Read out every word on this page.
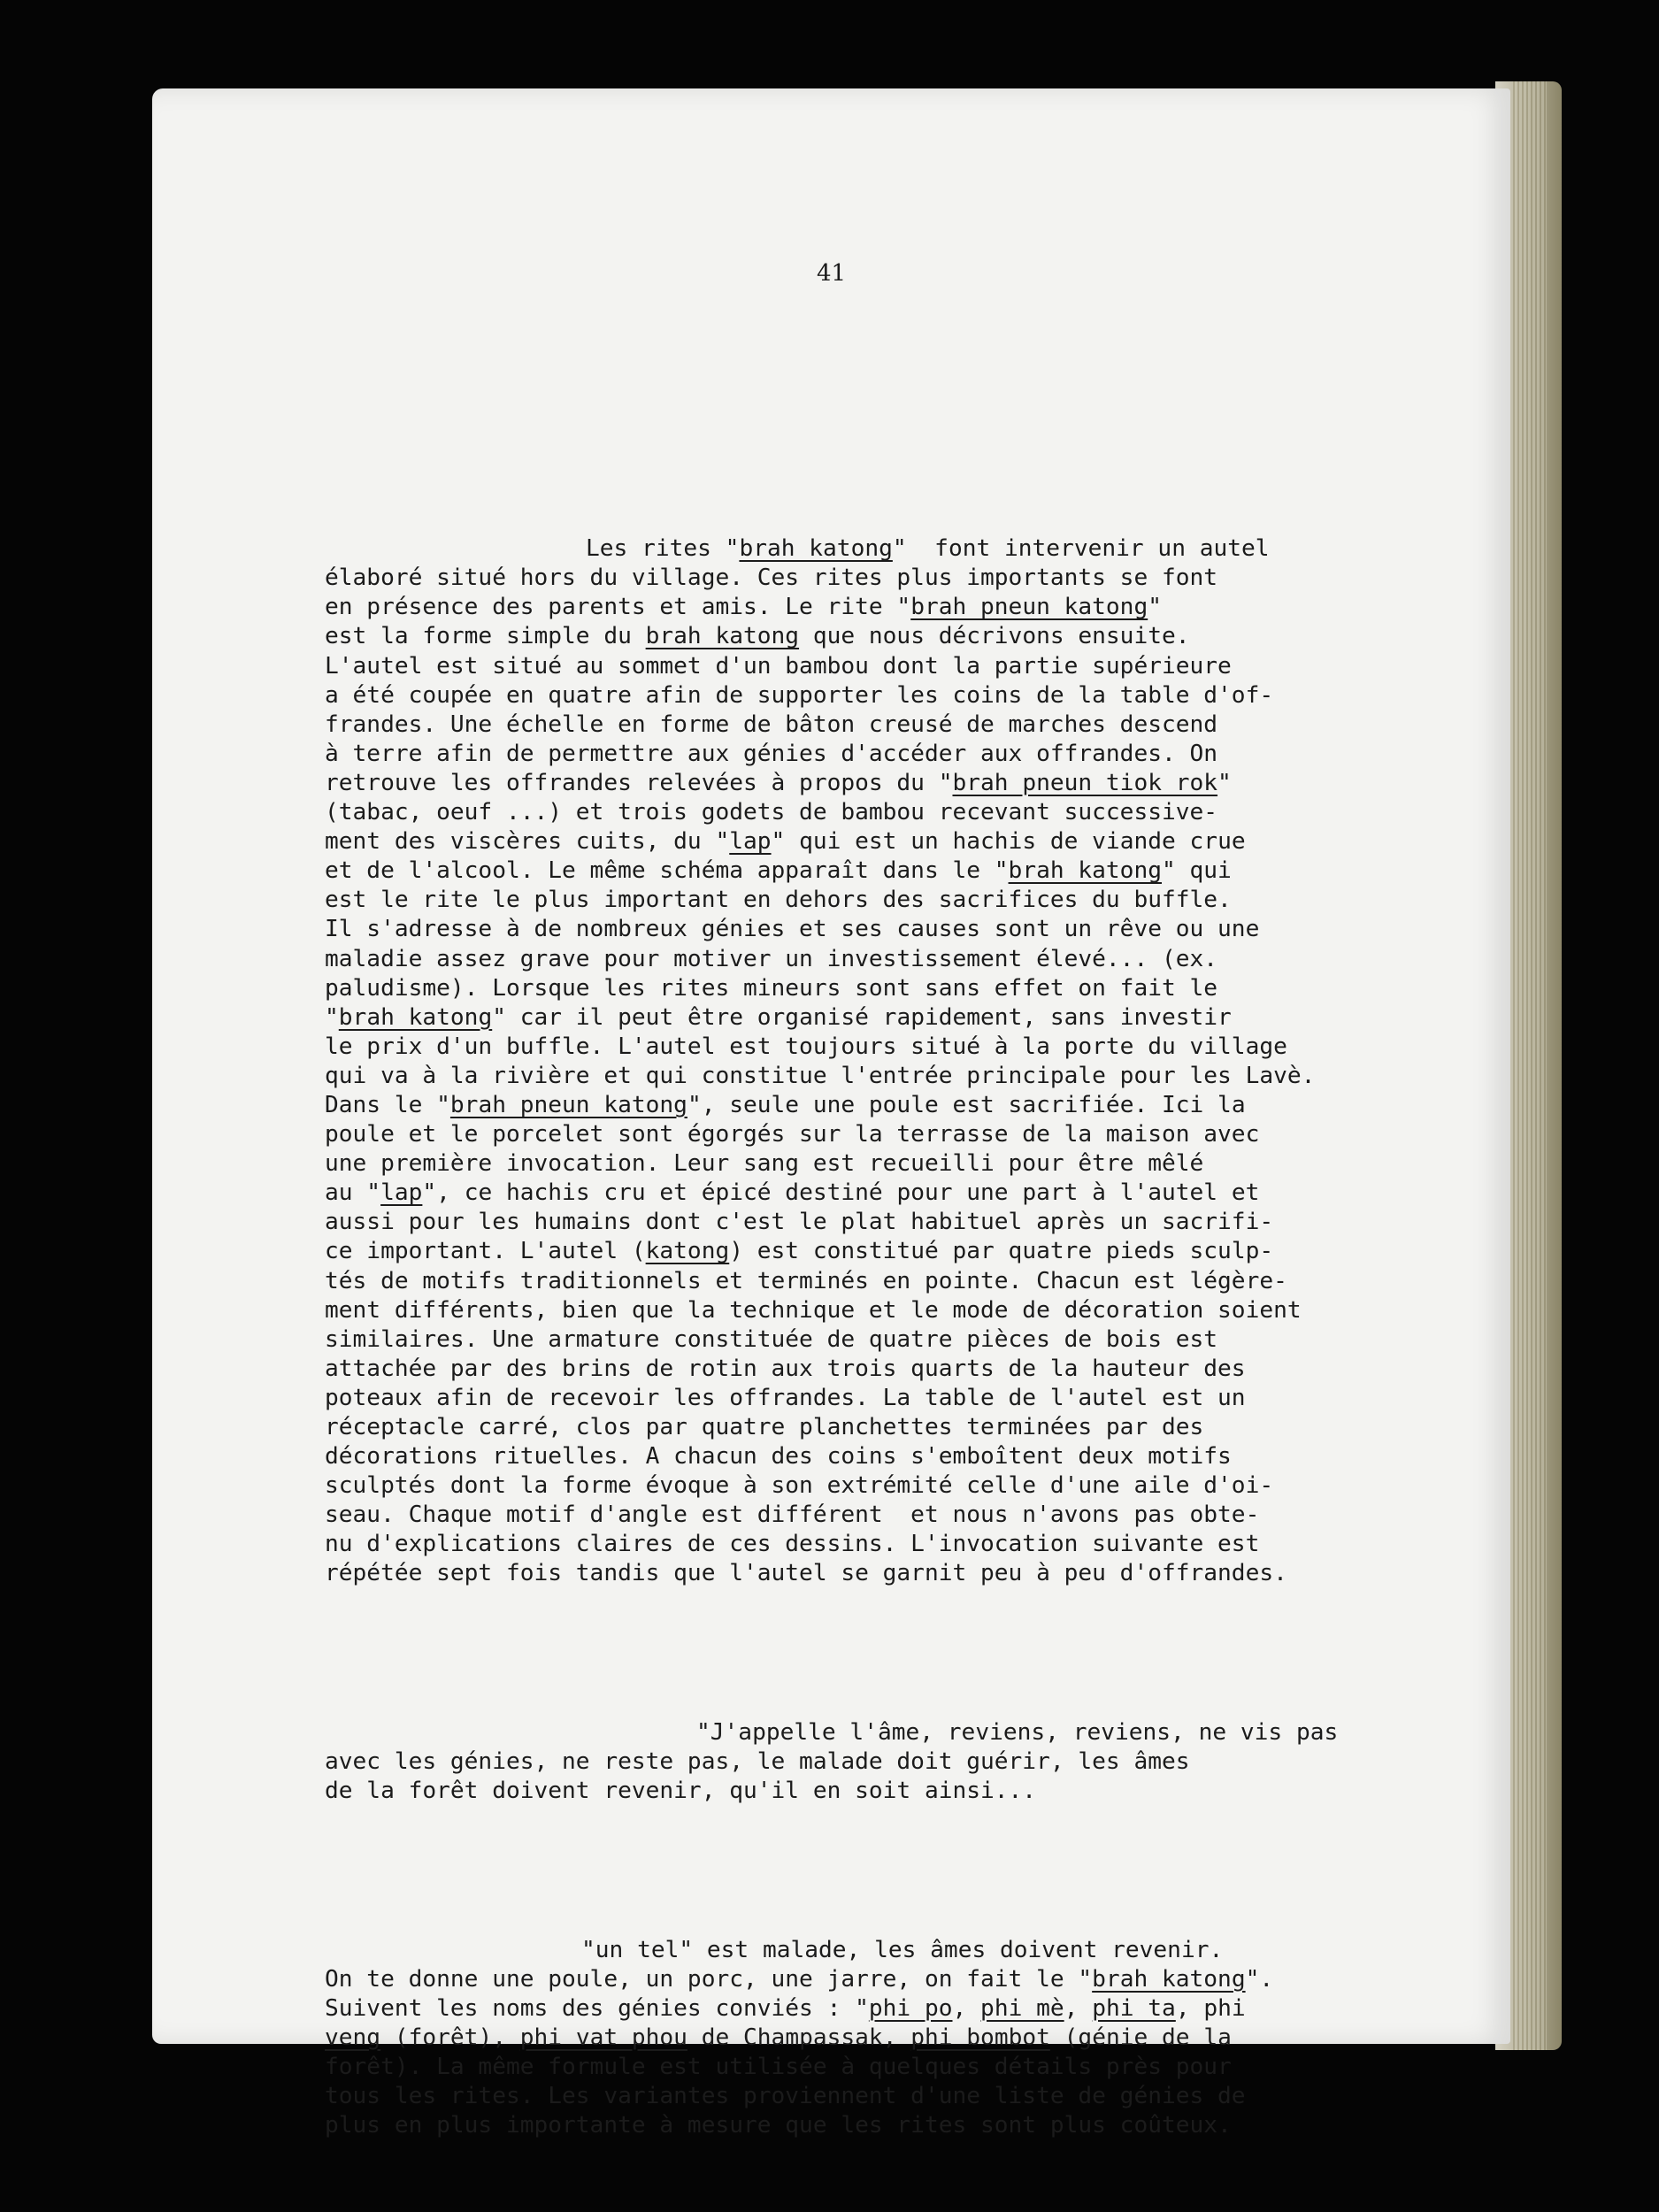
41

Les rites "brah katong"  font intervenir un autel
élaboré situé hors du village. Ces rites plus importants se font
en présence des parents et amis. Le rite "brah pneun katong"
est la forme simple du brah katong que nous décrivons ensuite.
L'autel est situé au sommet d'un bambou dont la partie supérieure
a été coupée en quatre afin de supporter les coins de la table d'of-
frandes. Une échelle en forme de bâton creusé de marches descend
à terre afin de permettre aux génies d'accéder aux offrandes. On
retrouve les offrandes relevées à propos du "brah pneun tiok rok"
(tabac, oeuf ...) et trois godets de bambou recevant successive-
ment des viscères cuits, du "lap" qui est un hachis de viande crue
et de l'alcool. Le même schéma apparaît dans le "brah katong" qui
est le rite le plus important en dehors des sacrifices du buffle.
Il s'adresse à de nombreux génies et ses causes sont un rêve ou une
maladie assez grave pour motiver un investissement élevé... (ex.
paludisme). Lorsque les rites mineurs sont sans effet on fait le
"brah katong" car il peut être organisé rapidement, sans investir
le prix d'un buffle. L'autel est toujours situé à la porte du village
qui va à la rivière et qui constitue l'entrée principale pour les Lavè.
Dans le "brah pneun katong", seule une poule est sacrifiée. Ici la
poule et le porcelet sont égorgés sur la terrasse de la maison avec
une première invocation. Leur sang est recueilli pour être mêlé
au "lap", ce hachis cru et épicé destiné pour une part à l'autel et
aussi pour les humains dont c'est le plat habituel après un sacrifi-
ce important. L'autel (katong) est constitué par quatre pieds sculp-
tés de motifs traditionnels et terminés en pointe. Chacun est légère-
ment différents, bien que la technique et le mode de décoration soient
similaires. Une armature constituée de quatre pièces de bois est
attachée par des brins de rotin aux trois quarts de la hauteur des
poteaux afin de recevoir les offrandes. La table de l'autel est un
réceptacle carré, clos par quatre planchettes terminées par des
décorations rituelles. A chacun des coins s'emboîtent deux motifs
sculptés dont la forme évoque à son extrémité celle d'une aile d'oi-
seau. Chaque motif d'angle est différent  et nous n'avons pas obte-
nu d'explications claires de ces dessins. L'invocation suivante est
répétée sept fois tandis que l'autel se garnit peu à peu d'offrandes.

"J'appelle l'âme, reviens, reviens, ne vis pas
avec les génies, ne reste pas, le malade doit guérir, les âmes
de la forêt doivent revenir, qu'il en soit ainsi...

"un tel" est malade, les âmes doivent revenir.
On te donne une poule, un porc, une jarre, on fait le "brah katong".
Suivent les noms des génies conviés : "phi po, phi mè, phi ta, phi
veng (forêt), phi vat phou de Champassak, phi bombot (génie de la
forêt). La même formule est utilisée à quelques détails près pour
tous les rites. Les variantes proviennent d'une liste de génies de
plus en plus importante à mesure que les rites sont plus coûteux.
